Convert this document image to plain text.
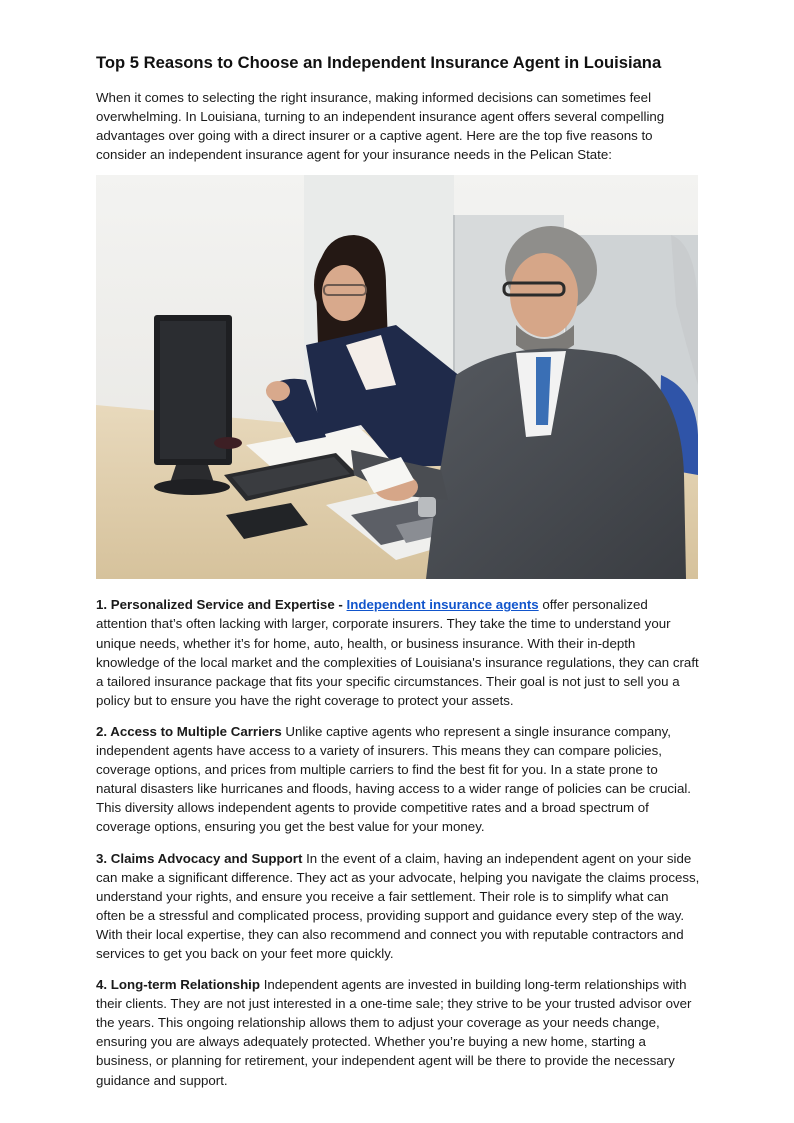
Top 5 Reasons to Choose an Independent Insurance Agent in Louisiana

When it comes to selecting the right insurance, making informed decisions can sometimes feel overwhelming. In Louisiana, turning to an independent insurance agent offers several compelling advantages over going with a direct insurer or a captive agent. Here are the top five reasons to consider an independent insurance agent for your insurance needs in the Pelican State:

1. Personalized Service and Expertise - Independent insurance agents offer personalized attention that’s often lacking with larger, corporate insurers. They take the time to understand your unique needs, whether it’s for home, auto, health, or business insurance. With their in-depth knowledge of the local market and the complexities of Louisiana's insurance regulations, they can craft a tailored insurance package that fits your specific circumstances. Their goal is not just to sell you a policy but to ensure you have the right coverage to protect your assets.

2. Access to Multiple Carriers Unlike captive agents who represent a single insurance company, independent agents have access to a variety of insurers. This means they can compare policies, coverage options, and prices from multiple carriers to find the best fit for you. In a state prone to natural disasters like hurricanes and floods, having access to a wider range of policies can be crucial. This diversity allows independent agents to provide competitive rates and a broad spectrum of coverage options, ensuring you get the best value for your money.

3. Claims Advocacy and Support In the event of a claim, having an independent agent on your side can make a significant difference. They act as your advocate, helping you navigate the claims process, understand your rights, and ensure you receive a fair settlement. Their role is to simplify what can often be a stressful and complicated process, providing support and guidance every step of the way. With their local expertise, they can also recommend and connect you with reputable contractors and services to get you back on your feet more quickly.

4. Long-term Relationship Independent agents are invested in building long-term relationships with their clients. They are not just interested in a one-time sale; they strive to be your trusted advisor over the years. This ongoing relationship allows them to adjust your coverage as your needs change, ensuring you are always adequately protected. Whether you’re buying a new home, starting a business, or planning for retirement, your independent agent will be there to provide the necessary guidance and support.
